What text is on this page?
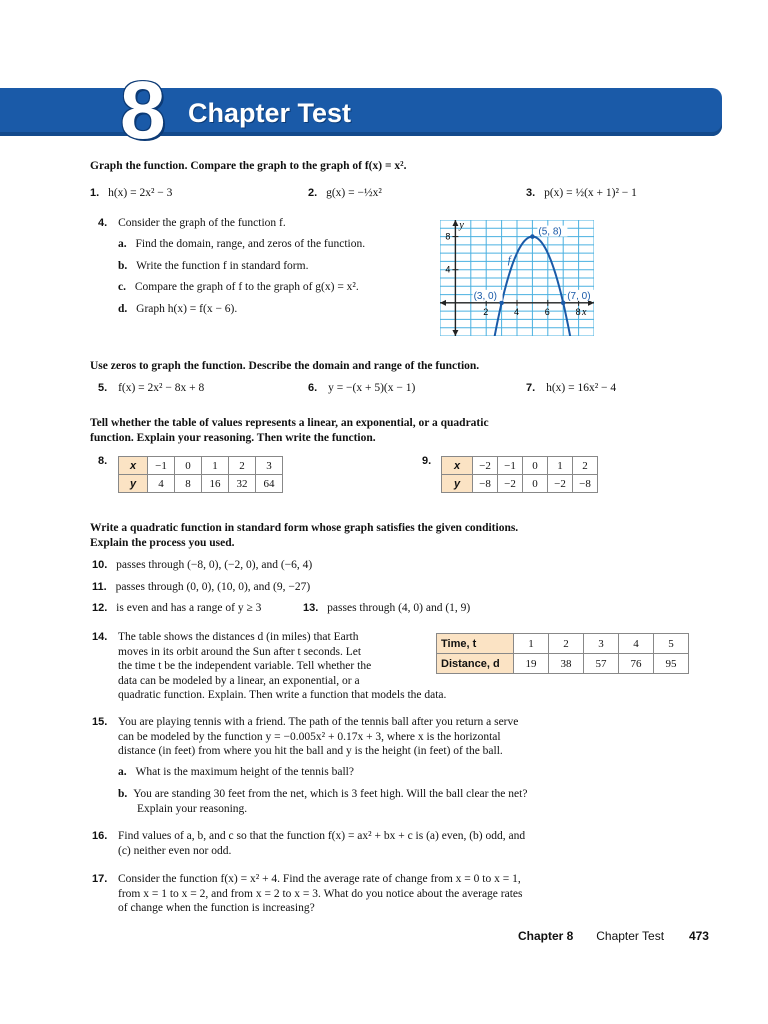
8 Chapter Test
Graph the function. Compare the graph to the graph of f(x) = x².
1. h(x) = 2x² − 3	2. g(x) = −½x²	3. p(x) = ½(x + 1)² − 1
4. Consider the graph of the function f.
a. Find the domain, range, and zeros of the function.
b. Write the function f in standard form.
c. Compare the graph of f to the graph of g(x) = x².
d. Graph h(x) = f(x − 6).
8
4
2	4	6	8
y
x
(5, 8)
(3, 0)	(7, 0)
f
Use zeros to graph the function. Describe the domain and range of the function.
5. f(x) = 2x² − 8x + 8	6. y = −(x + 5)(x − 1)	7. h(x) = 16x² − 4
Tell whether the table of values represents a linear, an exponential, or a quadratic
function. Explain your reasoning. Then write the function.
8. x	−1	0	1	2	3
y	4	8	16	32	64
9. x	−2	−1	0	1	2
y	−8	−2	0	−2	−8
Write a quadratic function in standard form whose graph satisfies the given conditions.
Explain the process you used.
10. passes through (−8, 0), (−2, 0), and (−6, 4)
11. passes through (0, 0), (10, 0), and (9, −27)
12. is even and has a range of y ≥ 3	13. passes through (4, 0) and (1, 9)
14. The table shows the distances d (in miles) that Earth
moves in its orbit around the Sun after t seconds. Let
the time t be the independent variable. Tell whether the
data can be modeled by a linear, an exponential, or a
quadratic function. Explain. Then write a function that models the data.
Time, t	1	2	3	4	5
Distance, d	19	38	57	76	95
15. You are playing tennis with a friend. The path of the tennis ball after you return a serve
can be modeled by the function y = −0.005x² + 0.17x + 3, where x is the horizontal
distance (in feet) from where you hit the ball and y is the height (in feet) of the ball.
a. What is the maximum height of the tennis ball?
b. You are standing 30 feet from the net, which is 3 feet high. Will the ball clear the net?
Explain your reasoning.
16. Find values of a, b, and c so that the function f(x) = ax² + bx + c is (a) even, (b) odd, and
(c) neither even nor odd.
17. Consider the function f(x) = x² + 4. Find the average rate of change from x = 0 to x = 1,
from x = 1 to x = 2, and from x = 2 to x = 3. What do you notice about the average rates
of change when the function is increasing?
Chapter 8 Chapter Test 473
